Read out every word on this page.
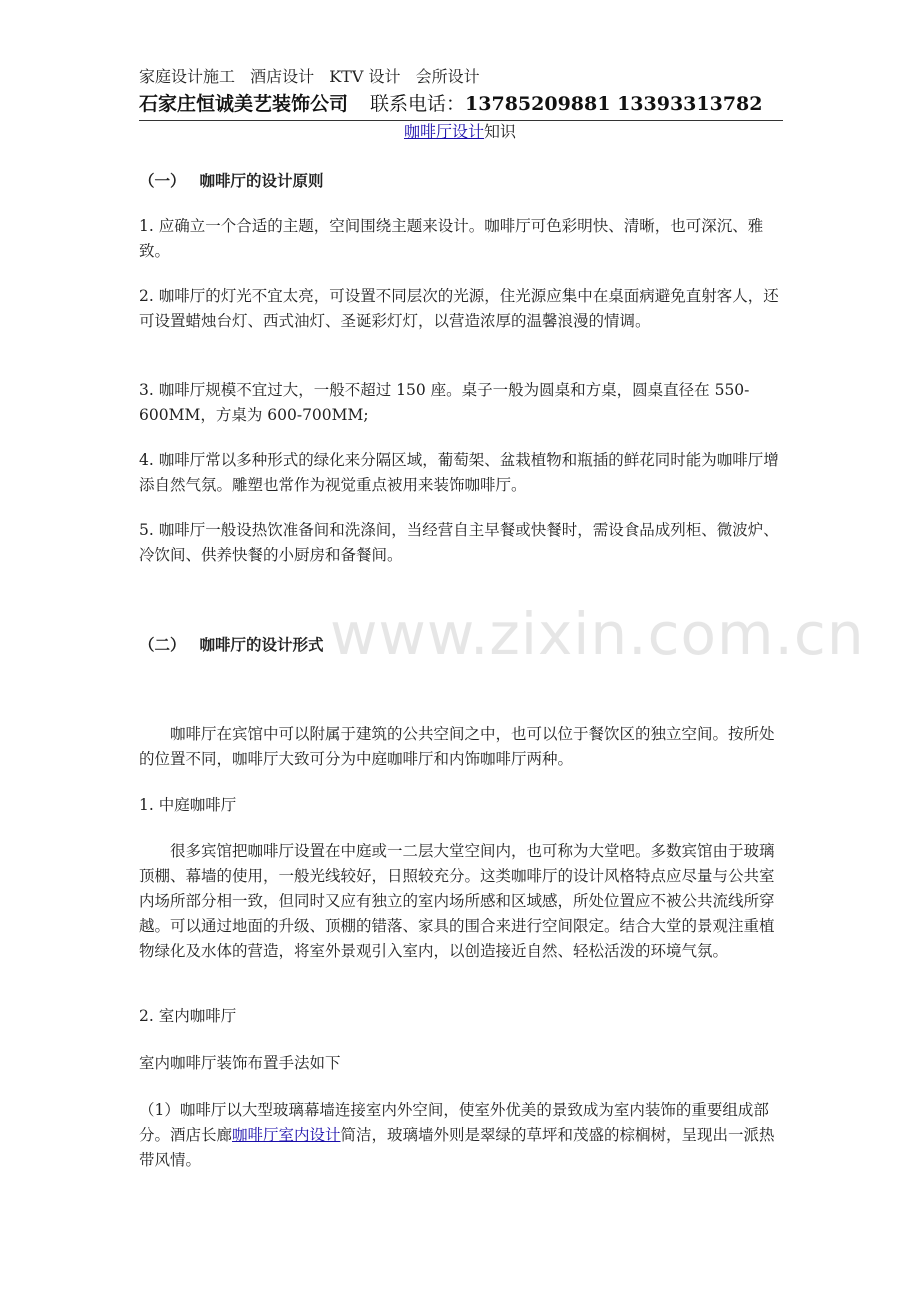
www.zixin.com.cn
家庭设计施工 酒店设计 KTV 设计 会所设计
石家庄恒诚美艺装饰公司 联系电话：13785209881 13393313782
咖啡厅设计知识
（一） 咖啡厅的设计原则
1. 应确立一个合适的主题，空间围绕主题来设计。咖啡厅可色彩明快、清晰，也可深沉、雅致。
2. 咖啡厅的灯光不宜太亮，可设置不同层次的光源，住光源应集中在桌面病避免直射客人，还可设置蜡烛台灯、西式油灯、圣诞彩灯灯，以营造浓厚的温馨浪漫的情调。
3. 咖啡厅规模不宜过大，一般不超过 150 座。桌子一般为圆桌和方桌，圆桌直径在 550-600MM，方桌为 600-700MM;
4. 咖啡厅常以多种形式的绿化来分隔区域，葡萄架、盆栽植物和瓶插的鲜花同时能为咖啡厅增添自然气氛。雕塑也常作为视觉重点被用来装饰咖啡厅。
5. 咖啡厅一般设热饮准备间和洗涤间，当经营自主早餐或快餐时，需设食品成列柜、微波炉、冷饮间、供养快餐的小厨房和备餐间。
（二） 咖啡厅的设计形式
咖啡厅在宾馆中可以附属于建筑的公共空间之中，也可以位于餐饮区的独立空间。按所处的位置不同，咖啡厅大致可分为中庭咖啡厅和内饰咖啡厅两种。
1. 中庭咖啡厅
很多宾馆把咖啡厅设置在中庭或一二层大堂空间内，也可称为大堂吧。多数宾馆由于玻璃顶棚、幕墙的使用，一般光线较好，日照较充分。这类咖啡厅的设计风格特点应尽量与公共室内场所部分相一致，但同时又应有独立的室内场所感和区域感，所处位置应不被公共流线所穿越。可以通过地面的升级、顶棚的错落、家具的围合来进行空间限定。结合大堂的景观注重植物绿化及水体的营造，将室外景观引入室内，以创造接近自然、轻松活泼的环境气氛。
2. 室内咖啡厅
室内咖啡厅装饰布置手法如下
（1）咖啡厅以大型玻璃幕墙连接室内外空间，使室外优美的景致成为室内装饰的重要组成部分。酒店长廊咖啡厅室内设计简洁，玻璃墙外则是翠绿的草坪和茂盛的棕榈树，呈现出一派热带风情。
